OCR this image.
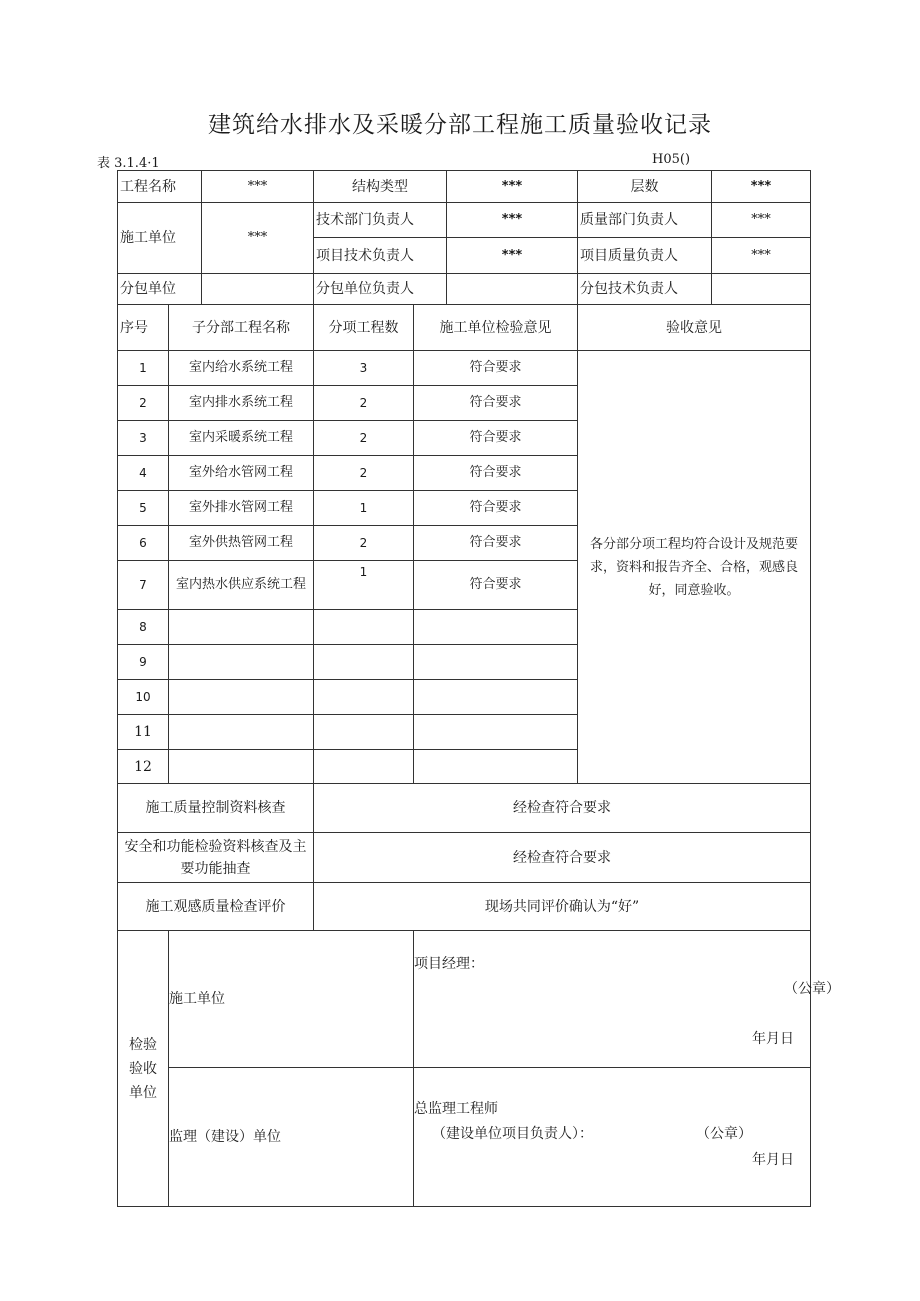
建筑给水排水及采暖分部工程施工质量验收记录
表 3.1.4·1	H05()
工程名称		***	结构类型		***	层数	***
施工单位		***	技术部门负责人		***	质量部门负责人	***
			项目技术负责人		***	项目质量负责人	***
分包单位			分包单位负责人			分包技术负责人	
序号	子分部工程名称		分项工程数	施工单位检验意见		验收意见	
1	室内给水系统工程		3	符合要求		各分部分项工程均符合设计及规范要求，资料和报告齐全、合格，观感良好，同意验收。	
2	室内排水系统工程		2	符合要求			
3	室内采暖系统工程		2	符合要求			
4	室外给水管网工程		2	符合要求			
5	室外排水管网工程		1	符合要求			
6	室外供热管网工程		2	符合要求			
7	室内热水供应系统工程		1	符合要求			
8							
9							
10							
11							
12							
施工质量控制资料核查			经检查符合要求				
安全和功能检验资料核查及主要功能抽查			经检查符合要求				
施工观感质量检查评价			现场共同评价确认为“好”				
检验验收单位	施工单位			项目经理：
（公章）
年月日			

	监理（建设）单位			总监理工程师
（建设单位项目负责人）： （公章）
年月日			
